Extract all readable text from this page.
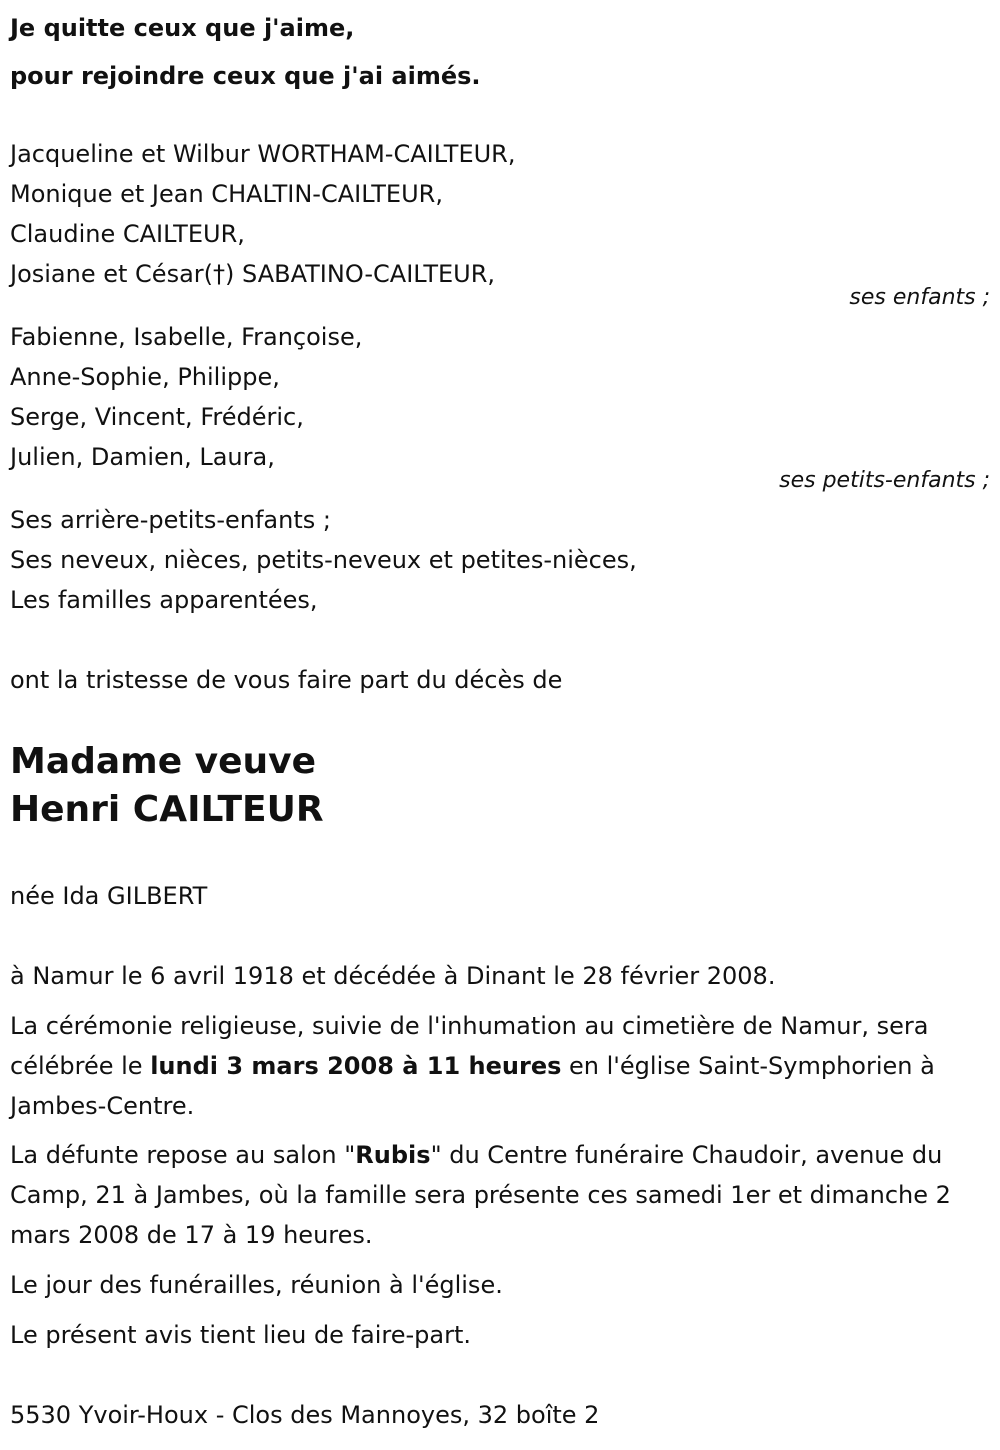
Je quitte ceux que j'aime,
pour rejoindre ceux que j'ai aimés.
Jacqueline et Wilbur WORTHAM-CAILTEUR,
Monique et Jean CHALTIN-CAILTEUR,
Claudine CAILTEUR,
Josiane et César(†) SABATINO-CAILTEUR,
ses enfants ;
Fabienne, Isabelle, Françoise,
Anne-Sophie, Philippe,
Serge, Vincent, Frédéric,
Julien, Damien, Laura,
ses petits-enfants ;
Ses arrière-petits-enfants ;
Ses neveux, nièces, petits-neveux et petites-nièces,
Les familles apparentées,
ont la tristesse de vous faire part du décès de
Madame veuve
Henri CAILTEUR
née Ida GILBERT
à Namur le 6 avril 1918 et décédée à Dinant le 28 février 2008.
La cérémonie religieuse, suivie de l'inhumation au cimetière de Namur, sera célébrée le lundi 3 mars 2008 à 11 heures en l'église Saint-Symphorien à Jambes-Centre.
La défunte repose au salon "Rubis" du Centre funéraire Chaudoir, avenue du Camp, 21 à Jambes, où la famille sera présente ces samedi 1er et dimanche 2 mars 2008 de 17 à 19 heures.
Le jour des funérailles, réunion à l'église.
Le présent avis tient lieu de faire-part.
5530 Yvoir-Houx - Clos des Mannoyes, 32 boîte 2
